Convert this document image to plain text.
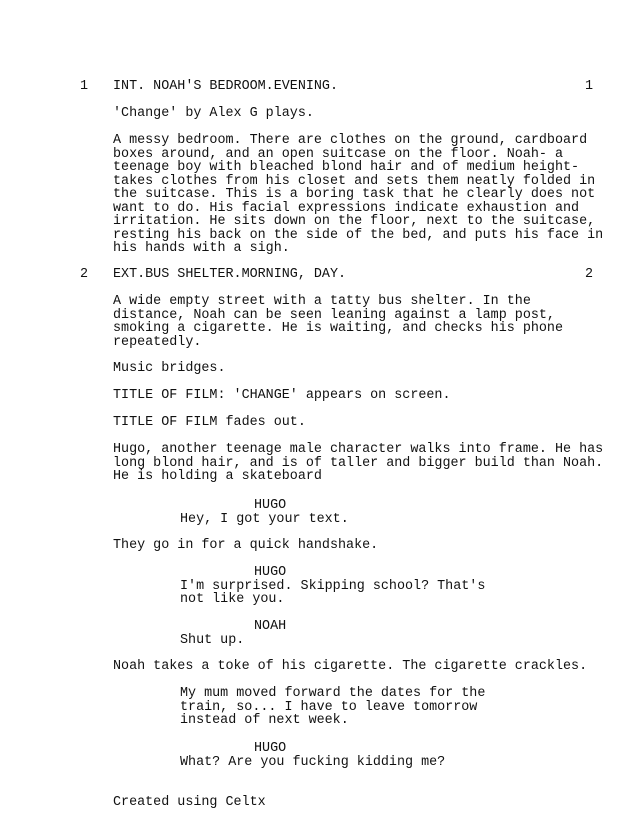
1 INT. NOAH'S BEDROOM.EVENING.	1
'Change' by Alex G plays.
A messy bedroom. There are clothes on the ground, cardboard
boxes around, and an open suitcase on the floor. Noah- a
teenage boy with bleached blond hair and of medium height-
takes clothes from his closet and sets them neatly folded in
the suitcase. This is a boring task that he clearly does not
want to do. His facial expressions indicate exhaustion and
irritation. He sits down on the floor, next to the suitcase,
resting his back on the side of the bed, and puts his face in
his hands with a sigh.
2 EXT.BUS SHELTER.MORNING, DAY.	2
A wide empty street with a tatty bus shelter. In the
distance, Noah can be seen leaning against a lamp post,
smoking a cigarette. He is waiting, and checks his phone
repeatedly.
Music bridges.
TITLE OF FILM: 'CHANGE' appears on screen.
TITLE OF FILM fades out.
Hugo, another teenage male character walks into frame. He has
long blond hair, and is of taller and bigger build than Noah.
He is holding a skateboard
HUGO
Hey, I got your text.
They go in for a quick handshake.
HUGO
I'm surprised. Skipping school? That's
not like you.
NOAH
Shut up.
Noah takes a toke of his cigarette. The cigarette crackles.
My mum moved forward the dates for the
train, so... I have to leave tomorrow
instead of next week.
HUGO
What? Are you fucking kidding me?
Created using Celtx
